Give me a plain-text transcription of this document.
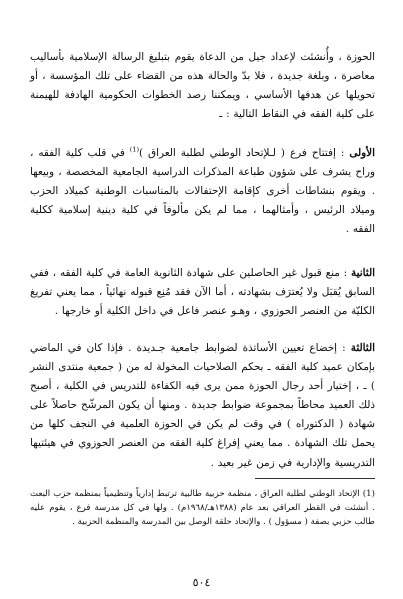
الحوزة ، وأُنشئت لإعداد جيل من الدعاة يقوم بتبليغ الرسالة الإسلامية بأساليب معاصرة ، وبلغة جديدة ، فلا بدّ والحالة هذه من القضاء على تلك المؤسسة ، أو تحويلها عن هدفها الأساسي ، ويمكننا رصد الخطوات الحكومية الهادفة للهيمنة على كلية الفقه في النقاط التالية : ـ

الأولى : إفتتاح فرع ( لـلإتحاد الوطني لطلبة العراق )$^{(1)}$ في قلب كلية الفقه ، وراح يشرف على شؤون طباعة المذكرات الدراسية الجامعية المخصصة ، وبيعها . ويقوم بنشاطات أخرى كإقامة الإحتفالات بالمناسبات الوطنية كميلاد الحزب وميلاد الرئيس ، وأمثالهما ، مما لم يكن مألوفاً في كلية دينية إسلامية ككلية الفقه .

الثانية : منع قبول غير الحاصلين على شهادة الثانوية العامة في كلية الفقه ، ففي السابق يُقبَل ولا يُعترَف بشهادته ، أما الآن فقد مُنِع قبوله نهائياً ، مما يعني تفريغ الكليّة من العنصر الحوزوي ، وهـو عنصر فاعل في داخل الكلية أو خارجها .

الثالثة : إخضاع تعيين الأساتذة لضوابط جامعية جـديدة . فإذا كان في الماضي بإمكان عميد كلية الفقه ـ بحكم الصلاحيات المخولة له من ( جمعية منتدى النشر ) ـ ، إختيار أحد رجال الحوزة ممن يرى فيه الكفاءة للتدريس في الكلية ، أصبح ذلك العميد محاطاً بمجموعة ضوابط جديدة . ومنها أن يكون المرشّح حاصلاً على شهادة ( الدكتوراه ) في وقت لم يكن في الحوزة العلمية في النجف كلها من يحمل تلك الشهادة . مما يعني إفراغ كلية الفقه من العنصر الحوزوي في هيئتيها التدريسية والإدارية في زمن غير بعيد .

(1) الإتحاد الوطني لطلبة العراق ، منظمة حزبية طالبية ترتبط إدارياً وتنظيمياً بمنظمة حزب البعث . أنشئت في القطر العراقي بعد عام (١٣٨٨هـ/١٩٦٨م) . ولها في كل مدرسة فرع ، يقوم عليه طالب حزبي بصفة ( مسؤول ) . والإتحاد حلقة الوصل بين المدرسة والمنظمة الحزبية .

٥٠٤
